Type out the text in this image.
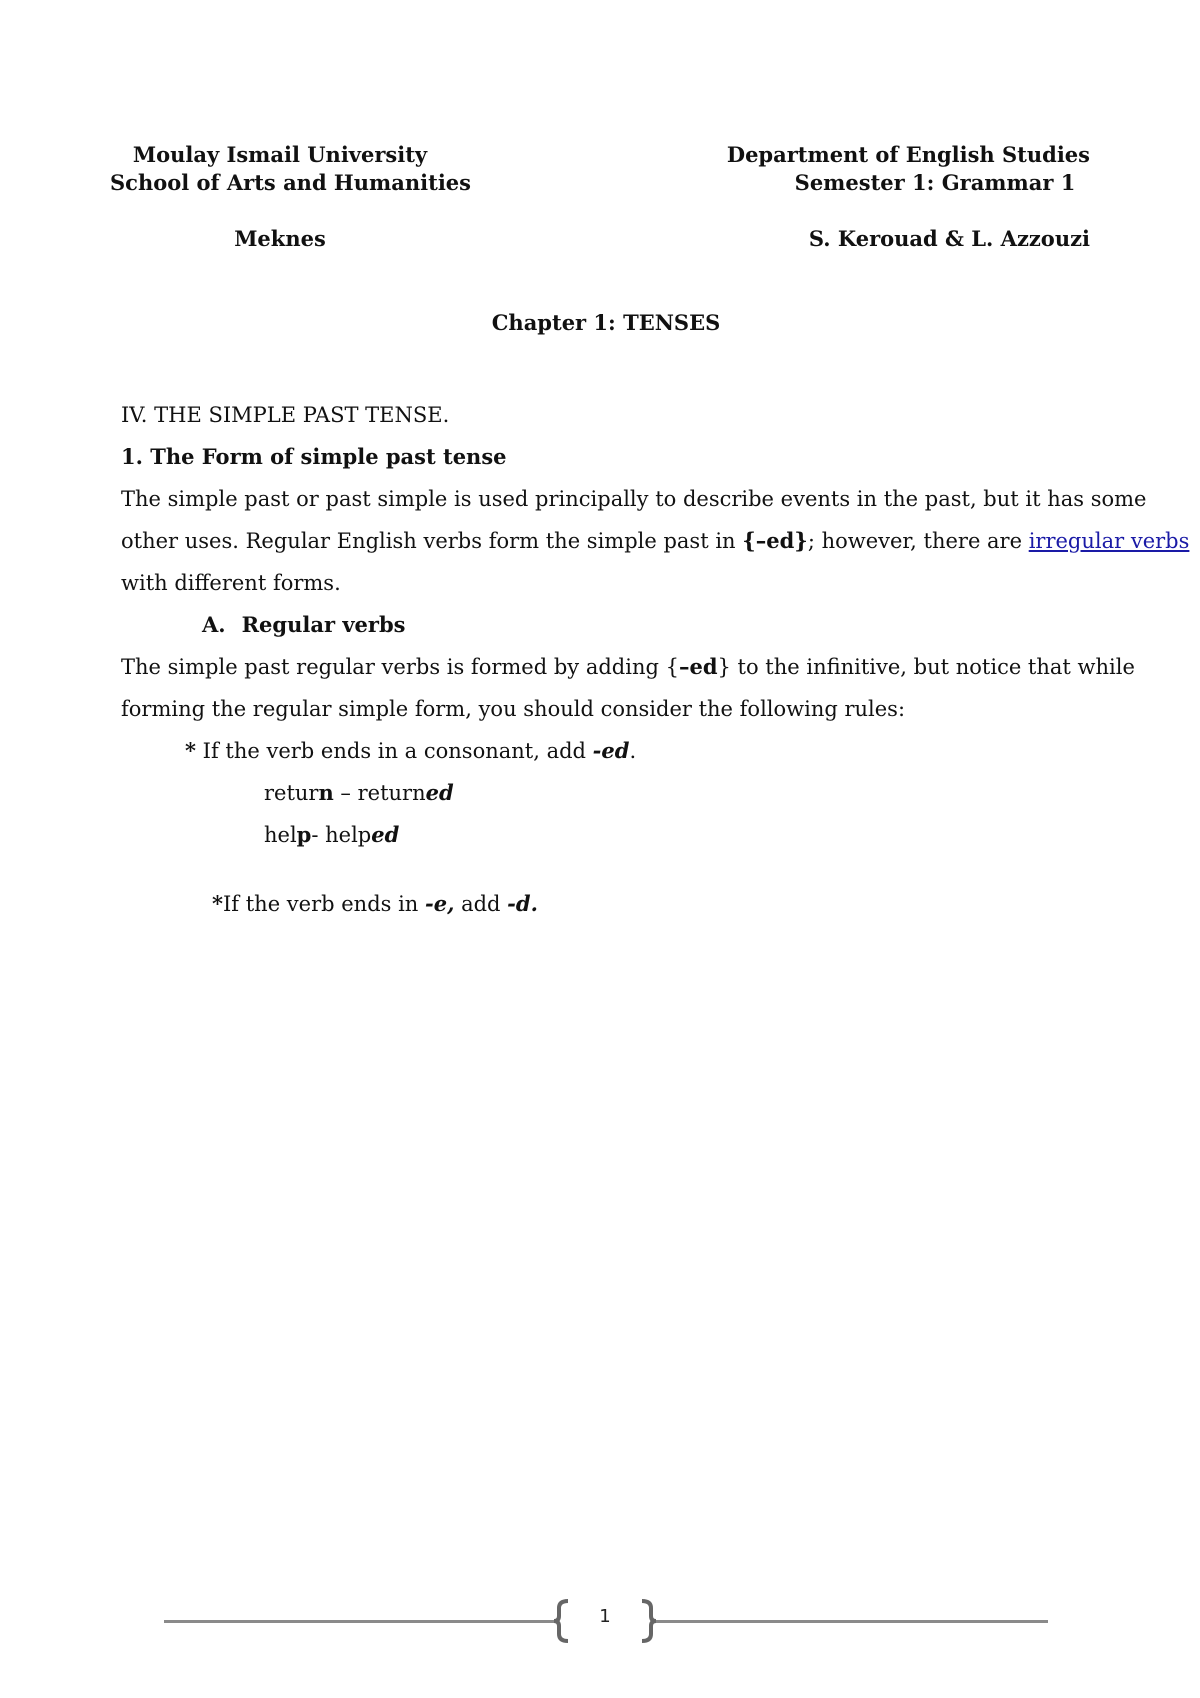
Moulay Ismail University
School of Arts and Humanities
Meknes
Department of English Studies
Semester 1: Grammar 1
S. Kerouad & L. Azzouzi
Chapter 1: TENSES
IV. THE SIMPLE PAST TENSE.
1. The Form of simple past tense
The simple past or past simple is used principally to describe events in the past, but it has some
other uses. Regular English verbs form the simple past in {–ed}; however, there are irregular verbs
with different forms.
A. Regular verbs
The simple past regular verbs is formed by adding {–ed} to the infinitive, but notice that while
forming the regular simple form, you should consider the following rules:
* If the verb ends in a consonant, add -ed.
return – returned
help- helped
*If the verb ends in -e, add -d.
1
